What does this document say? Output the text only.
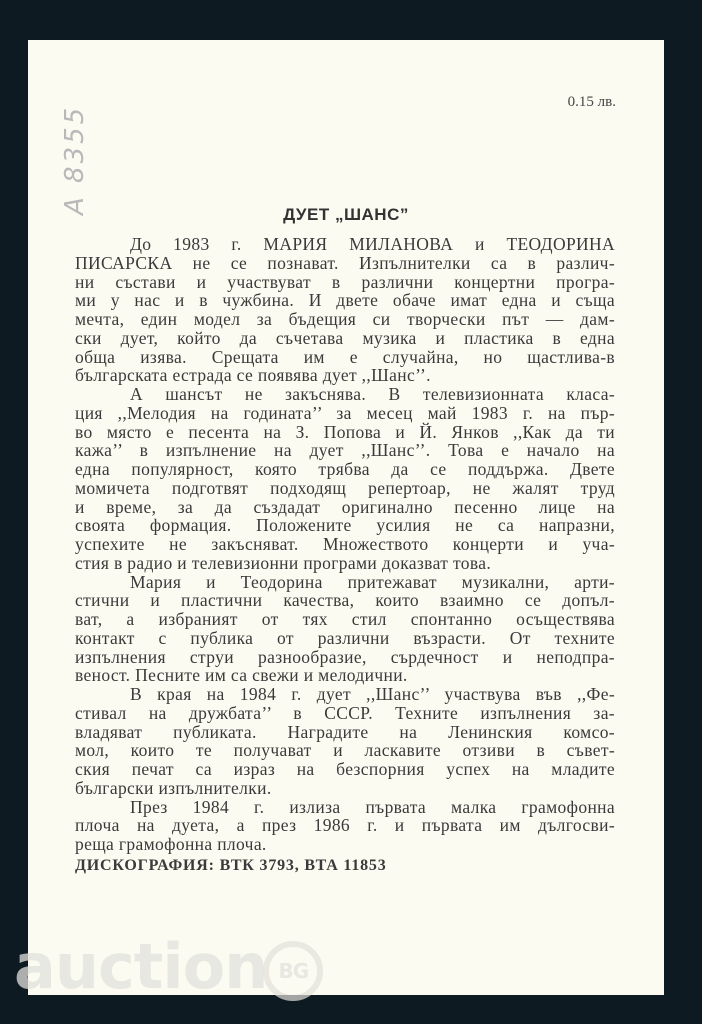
A 8355
0.15 лв.
ДУЕТ „ШАНС”
До 1983 г. МАРИЯ МИЛАНОВА и ТЕОДОРИНА
ПИСАРСКА не се познават. Изпълнителки са в различ-
ни състави и участвуват в различни концертни програ-
ми у нас и в чужбина. И двете обаче имат една и съща
мечта, един модел за бъдещия си творчески път — дам-
ски дует, който да съчетава музика и пластика в една
обща изява. Срещата им е случайна, но щастлива-в
българската естрада се появява дует ,,Шанс’’.
А шансът не закъснява. В телевизионната класа-
ция ,,Мелодия на годината’’ за месец май 1983 г. на пър-
во място е песента на З. Попова и Й. Янков ,,Как да ти
кажа’’ в изпълнение на дует ,,Шанс’’. Това е начало на
една популярност, която трябва да се поддържа. Двете
момичета подготвят подходящ репертоар, не жалят труд
и време, за да създадат оригинално песенно лице на
своята формация. Положените усилия не са напразни,
успехите не закъсняват. Множеството концерти и уча-
стия в радио и телевизионни програми доказват това.
Мария и Теодорина притежават музикални, арти-
стични и пластични качества, които взаимно се допъл-
ват, а избраният от тях стил спонтанно осъществява
контакт с публика от различни възрасти. От техните
изпълнения струи разнообразие, сърдечност и неподпра-
веност. Песните им са свежи и мелодични.
В края на 1984 г. дует ,,Шанс’’ участвува във ,,Фе-
стивал на дружбата’’ в СССР. Техните изпълнения за-
владяват публиката. Наградите на Ленинския комсо-
мол, които те получават и ласкавите отзиви в съвет-
ския печат са израз на безспорния успех на младите
български изпълнителки.
През 1984 г. излиза първата малка грамофонна
плоча на дуета, а през 1986 г. и първата им дългосви-
реща грамофонна плоча.
ДИСКОГРАФИЯ: ВТК 3793, ВТА 11853
auction BG
